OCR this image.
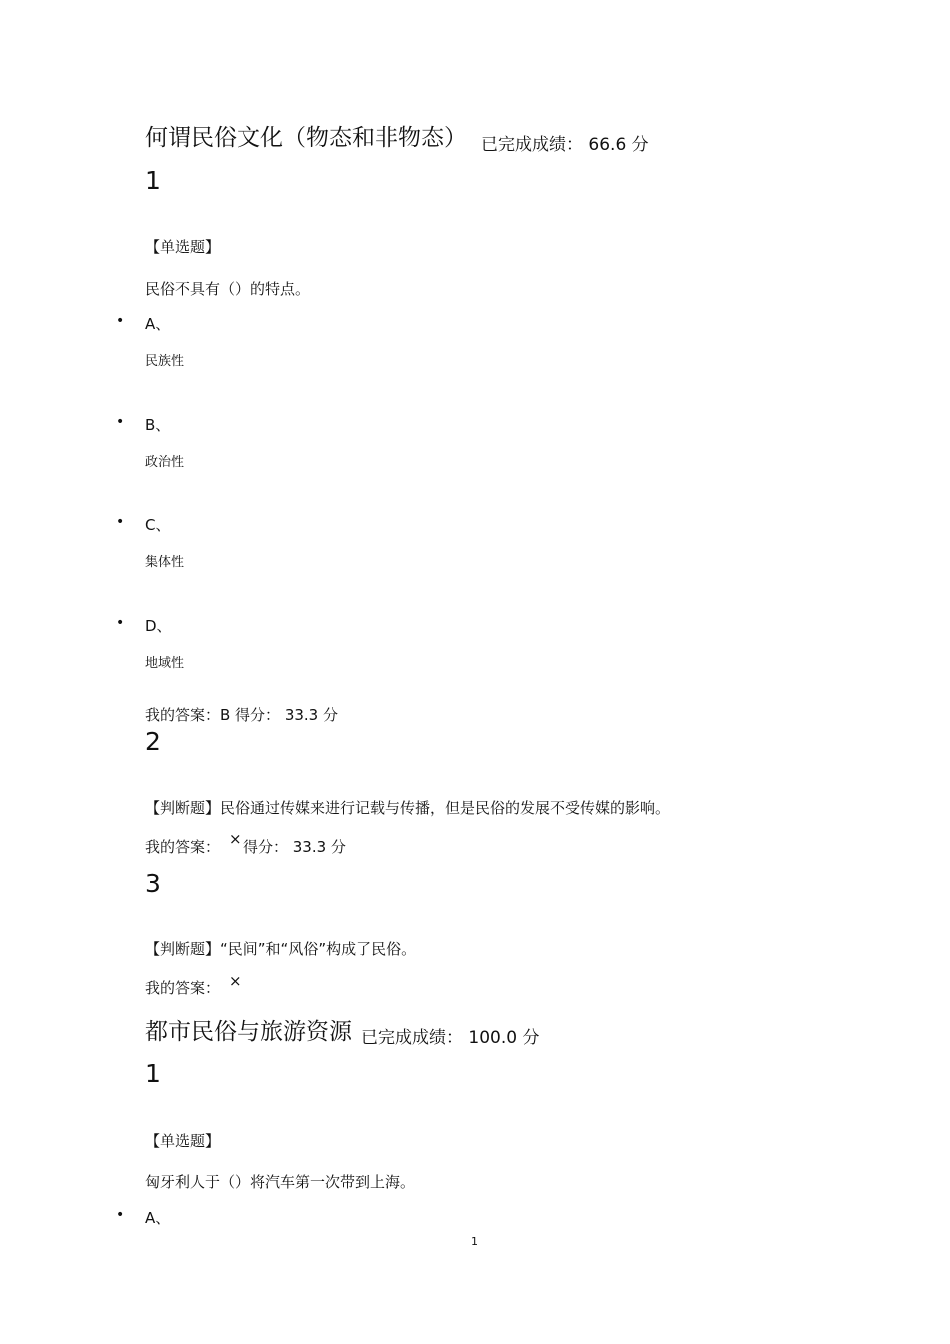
何谓民俗文化（物态和非物态） 已完成成绩： 66.6 分
1
【单选题】
民俗不具有（）的特点。
• A、
民族性
• B、
政治性
• C、
集体性
• D、
地域性
我的答案：B 得分： 33.3 分
2
【判断题】民俗通过传媒来进行记载与传播，但是民俗的发展不受传媒的影响。
我的答案： × 得分： 33.3 分
3
【判断题】“民间”和“风俗”构成了民俗。
我的答案： ×
都市民俗与旅游资源 已完成成绩： 100.0 分
1
【单选题】
匈牙利人于（）将汽车第一次带到上海。
• A、
1
